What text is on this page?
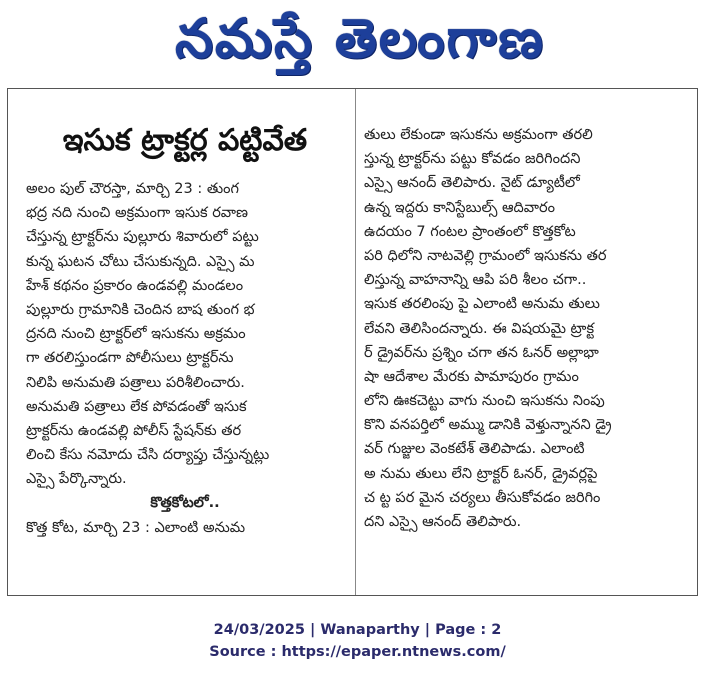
నమస్తే తెలంగాణ
ఇసుక ట్రాక్టర్ల పట్టివేత
అలం పుల్ చౌరస్తా, మార్చి 23 : తుంగ
భద్ర నది నుంచి అక్రమంగా ఇసుక రవాణ
చేస్తున్న ట్రాక్టర్‌ను పుల్లూరు శివారులో పట్టు
కున్న ఘటన చోటు చేసుకున్నది. ఎస్సై మ
హేశ్ కథనం ప్రకారం ఉండవల్లి మండలం
పుల్లూరు గ్రామానికి చెందిన బాష తుంగ భ
ద్రనది నుంచి ట్రాక్టర్‌లో ఇసుకను అక్రమం
గా తరలిస్తుండగా పోలీసులు ట్రాక్టర్‌ను
నిలిపి అనుమతి పత్రాలు పరిశీలించారు.
అనుమతి పత్రాలు లేక పోవడంతో ఇసుక
ట్రాక్టర్‌ను ఉండవల్లి పోలీస్ స్టేషన్‌కు తర
లించి కేసు నమోదు చేసి దర్యాప్తు చేస్తున్నట్లు
ఎస్సై పేర్కొన్నారు.
కొత్తకోటలో..
కొత్త కోట, మార్చి 23 : ఎలాంటి అనుమ
తులు లేకుండా ఇసుకను అక్రమంగా తరలి
స్తున్న ట్రాక్టర్‌ను పట్టు కోవడం జరిగిందని
ఎస్సై ఆనంద్ తెలిపారు. నైట్ డ్యూటీలో
ఉన్న ఇద్దరు కానిస్టేబుల్స్ ఆదివారం
ఉదయం 7 గంటల ప్రాంతంలో కొత్తకోట
పరి ధిలోని నాటవెల్లి గ్రామంలో ఇసుకను తర
లిస్తున్న వాహనాన్ని ఆపి పరి శీలం చగా..
ఇసుక తరలింపు పై ఎలాంటి అనుమ తులు
లేవని తెలిసిందన్నారు. ఈ విషయమై ట్రాక్ట
ర్ డ్రైవర్‌ను ప్రశ్నిం చగా తన ఓనర్ అల్లాభా
షా ఆదేశాల మేరకు పామాపురం గ్రామం
లోని ఊకచెట్టు వాగు నుంచి ఇసుకను నింపు
కొని వనపర్తిలో అమ్ము డానికి వెళ్తున్నానని డ్రై
వర్ గుజ్జుల వెంకటేశ్ తెలిపాడు. ఎలాంటి
అ నుమ తులు లేని ట్రాక్టర్ ఓనర్, డ్రైవర్లపై
చ ట్ట పర మైన చర్యలు తీసుకోవడం జరిగిం
దని ఎస్సై ఆనంద్ తెలిపారు.
24/03/2025 | Wanaparthy | Page : 2
Source : https://epaper.ntnews.com/
